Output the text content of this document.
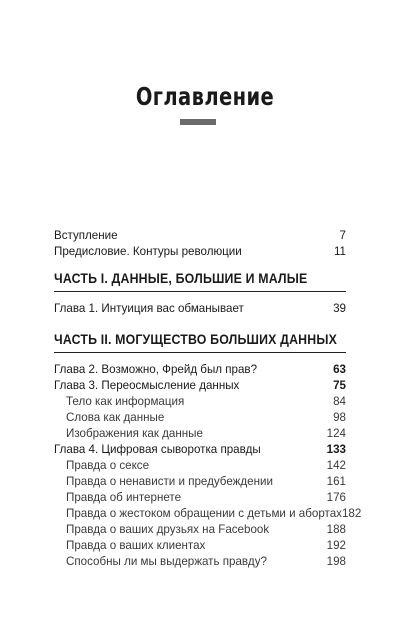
Оглавление
Вступление	7
Предисловие. Контуры революции	11
ЧАСТЬ I. ДАННЫЕ, БОЛЬШИЕ И МАЛЫЕ
Глава 1. Интуиция вас обманывает	39
ЧАСТЬ II. МОГУЩЕСТВО БОЛЬШИХ ДАННЫХ
Глава 2. Возможно, Фрейд был прав?	63
Глава 3. Переосмысление данных	75
Тело как информация	84
Слова как данные	98
Изображения как данные	124
Глава 4. Цифровая сыворотка правды	133
Правда о сексе	142
Правда о ненависти и предубеждении	161
Правда об интернете	176
Правда о жестоком обращении с детьми и абортах 182
Правда о ваших друзьях на Facebook	188
Правда о ваших клиентах	192
Способны ли мы выдержать правду?	198
